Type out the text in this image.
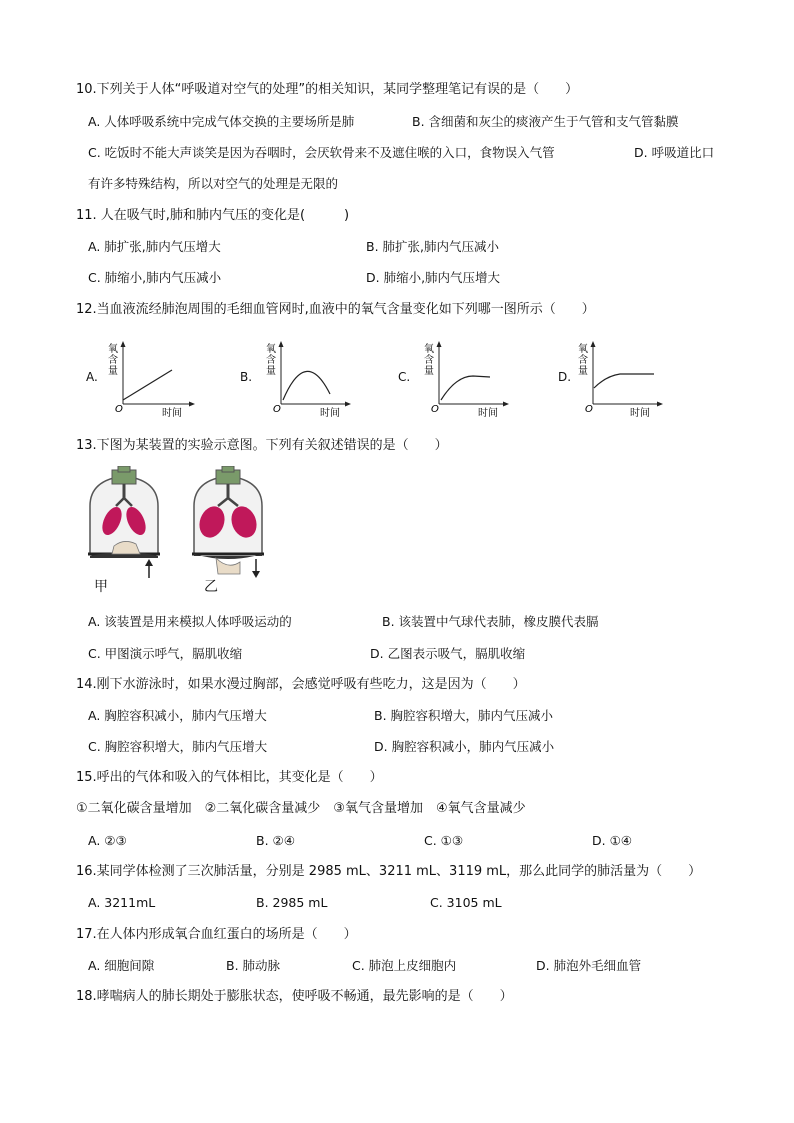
10.下列关于人体“呼吸道对空气的处理”的相关知识，某同学整理笔记有误的是（　　）
A. 人体呼吸系统中完成气体交换的主要场所是肺	B. 含细菌和灰尘的痰液产生于气管和支气管黏膜
C. 吃饭时不能大声谈笑是因为吞咽时，会厌软骨来不及遮住喉的入口，食物误入气管	D. 呼吸道比口
有许多特殊结构，所以对空气的处理是无限的
11. 人在吸气时,肺和肺内气压的变化是(　　　)
A. 肺扩张,肺内气压增大	B. 肺扩张,肺内气压减小
C. 肺缩小,肺内气压减小	D. 肺缩小,肺内气压增大
12.当血液流经肺泡周围的毛细血管网时,血液中的氧气含量变化如下列哪一图所示（　　）
A.
氧含量
O	时间
B.
氧含量
O	时间
C.
氧含量
O	时间
D.
氧含量
O	时间
13.下图为某装置的实验示意图。下列有关叙述错误的是（　　）
甲	乙
A. 该装置是用来模拟人体呼吸运动的	B. 该装置中气球代表肺，橡皮膜代表膈
C. 甲图演示呼气，膈肌收缩	D. 乙图表示吸气，膈肌收缩
14.刚下水游泳时，如果水漫过胸部，会感觉呼吸有些吃力，这是因为（　　）
A. 胸腔容积减小，肺内气压增大	B. 胸腔容积增大，肺内气压减小
C. 胸腔容积增大，肺内气压增大	D. 胸腔容积减小，肺内气压减小
15.呼出的气体和吸入的气体相比，其变化是（　　）
①二氧化碳含量增加　②二氧化碳含量减少　③氧气含量增加　④氧气含量减少
A. ②③	B. ②④	C. ①③	D. ①④
16.某同学体检测了三次肺活量，分别是 2985 mL、3211 mL、3119 mL，那么此同学的肺活量为（　　）
A. 3211mL	B. 2985 mL	C. 3105 mL
17.在人体内形成氧合血红蛋白的场所是（　　）
A. 细胞间隙	B. 肺动脉	C. 肺泡上皮细胞内	D. 肺泡外毛细血管
18.哮喘病人的肺长期处于膨胀状态，使呼吸不畅通，最先影响的是（　　）
